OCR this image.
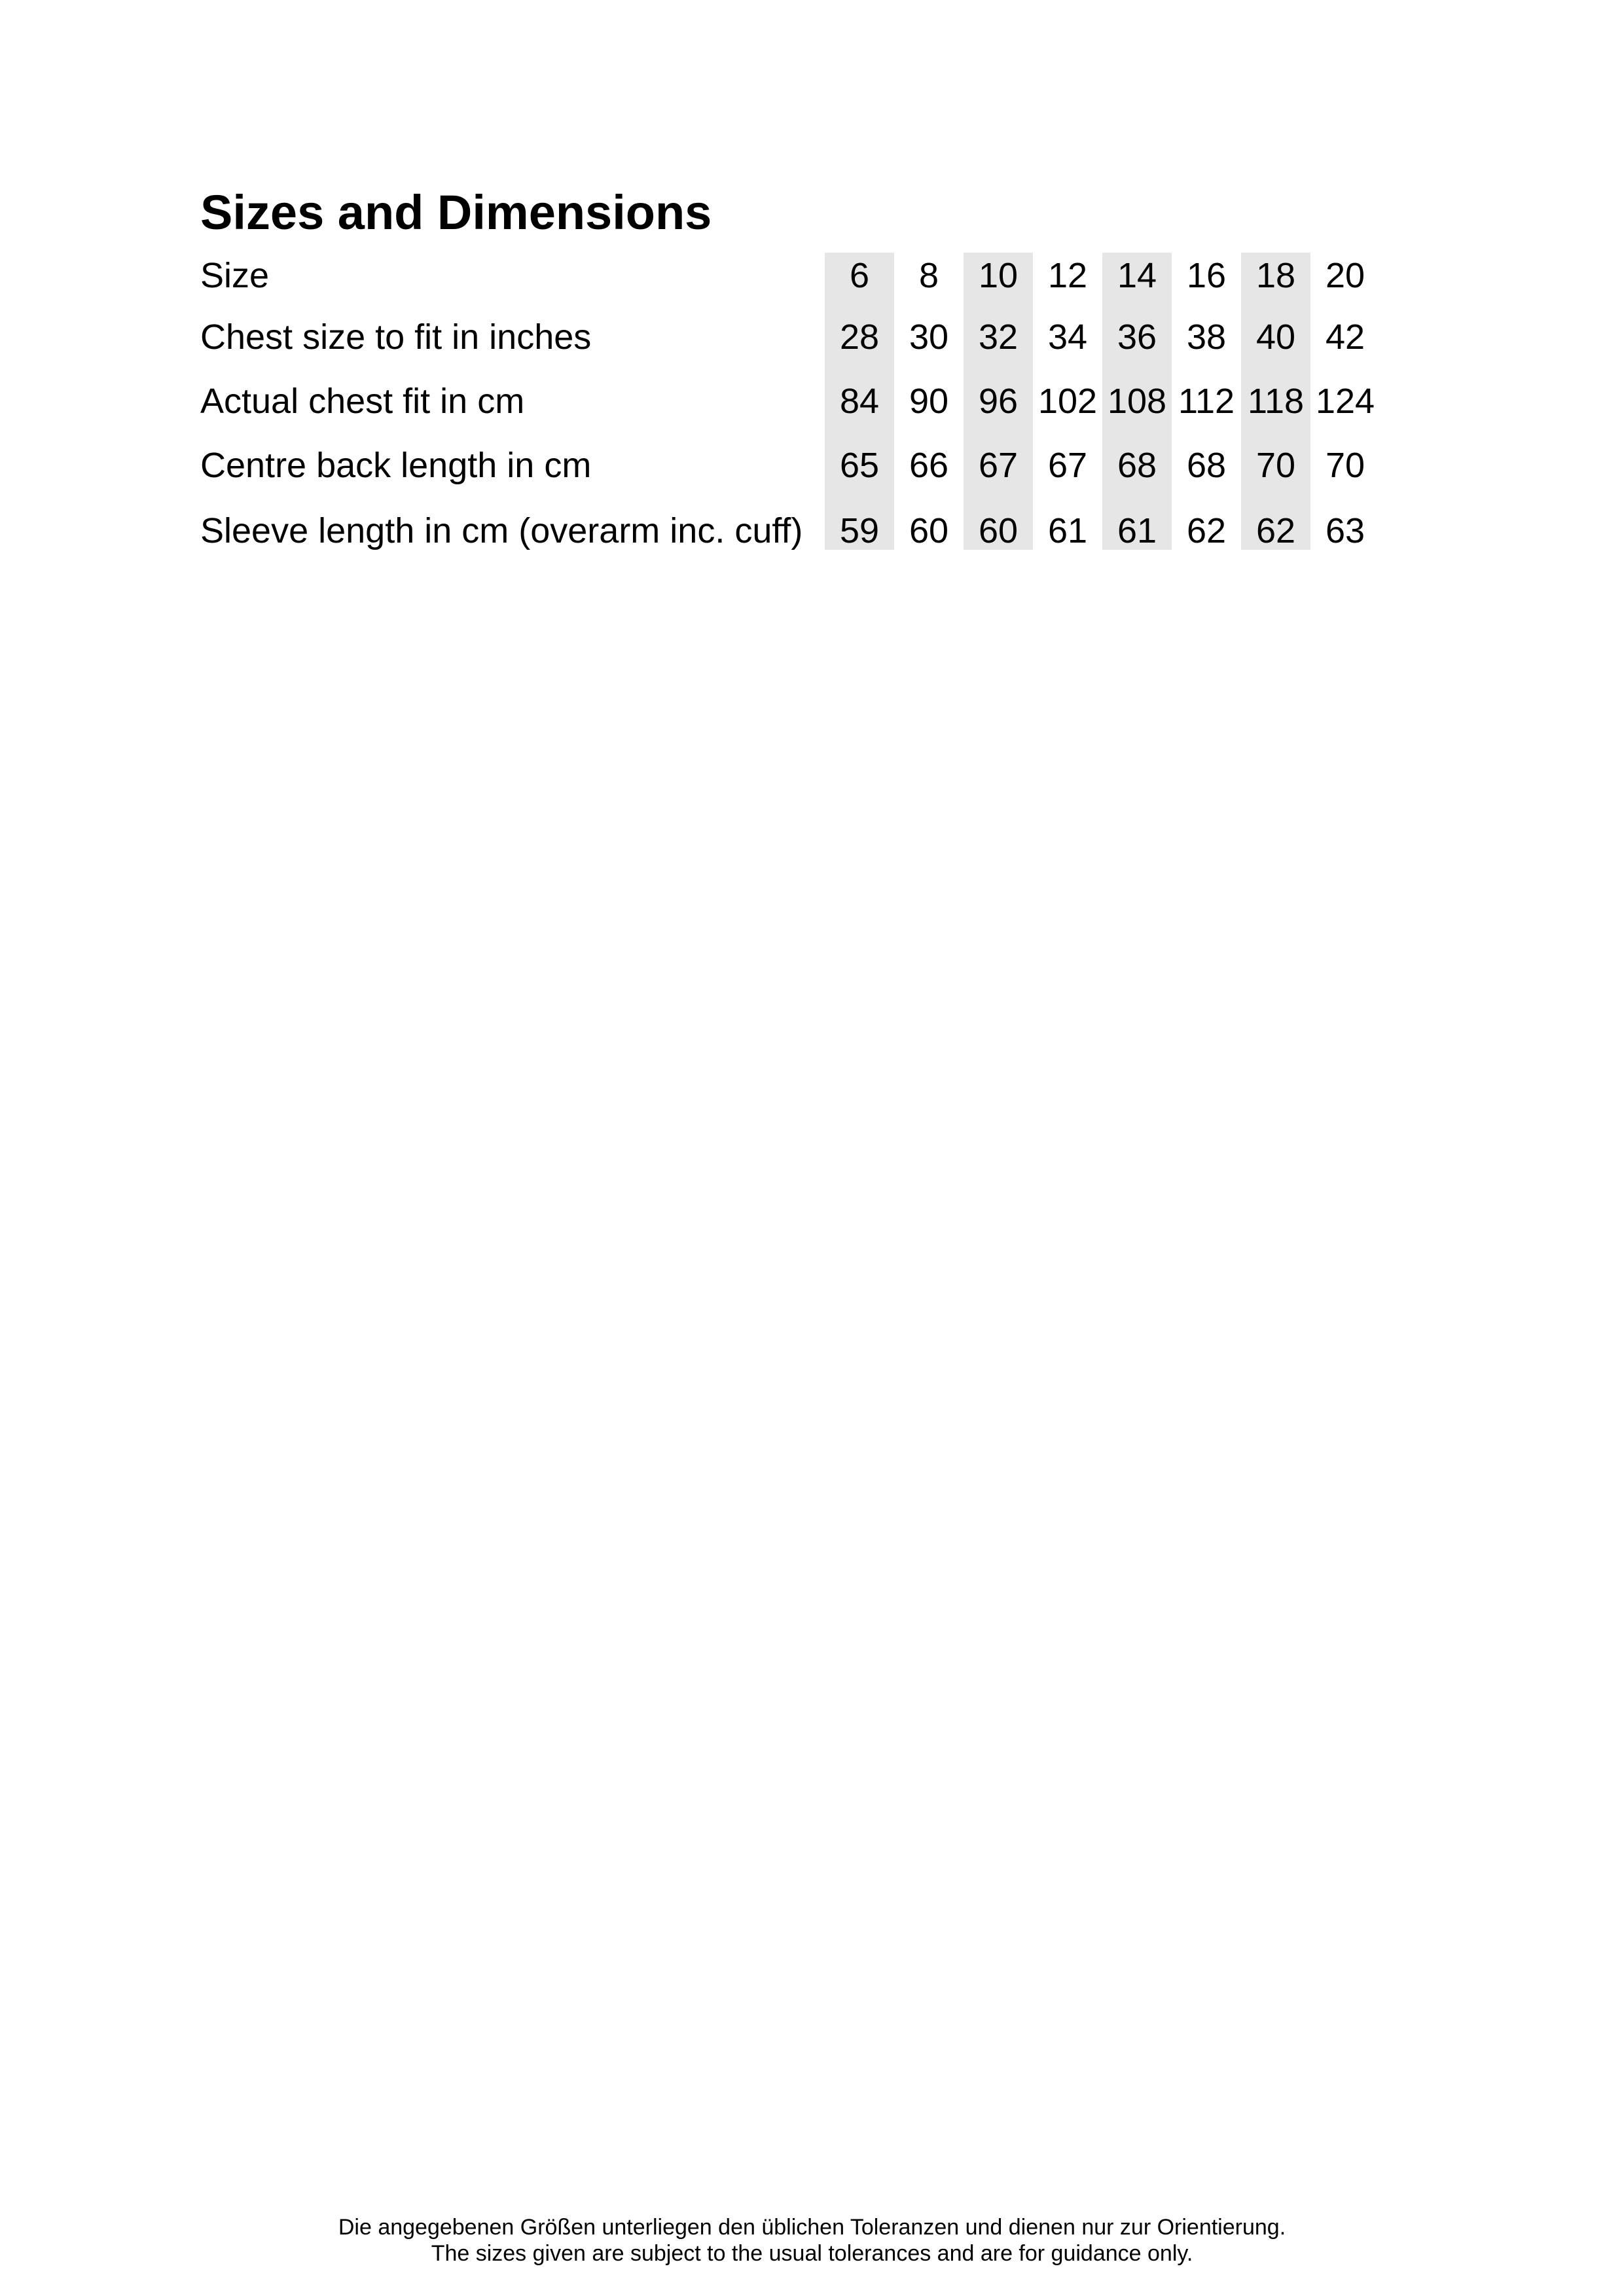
Sizes and Dimensions
Size	6	8	10 12 14 16 18 20
Chest size to fit in inches	28 30 32 34 36 38 40 42
Actual chest fit in cm	84 90 96 102 108 112 118 124
Centre back length in cm	65 66 67 67 68 68 70 70
Sleeve length in cm (overarm inc. cuff)	59 60 60 61 61 62 62 63
Die angegebenen Größen unterliegen den üblichen Toleranzen und dienen nur zur Orientierung.
The sizes given are subject to the usual tolerances and are for guidance only.
